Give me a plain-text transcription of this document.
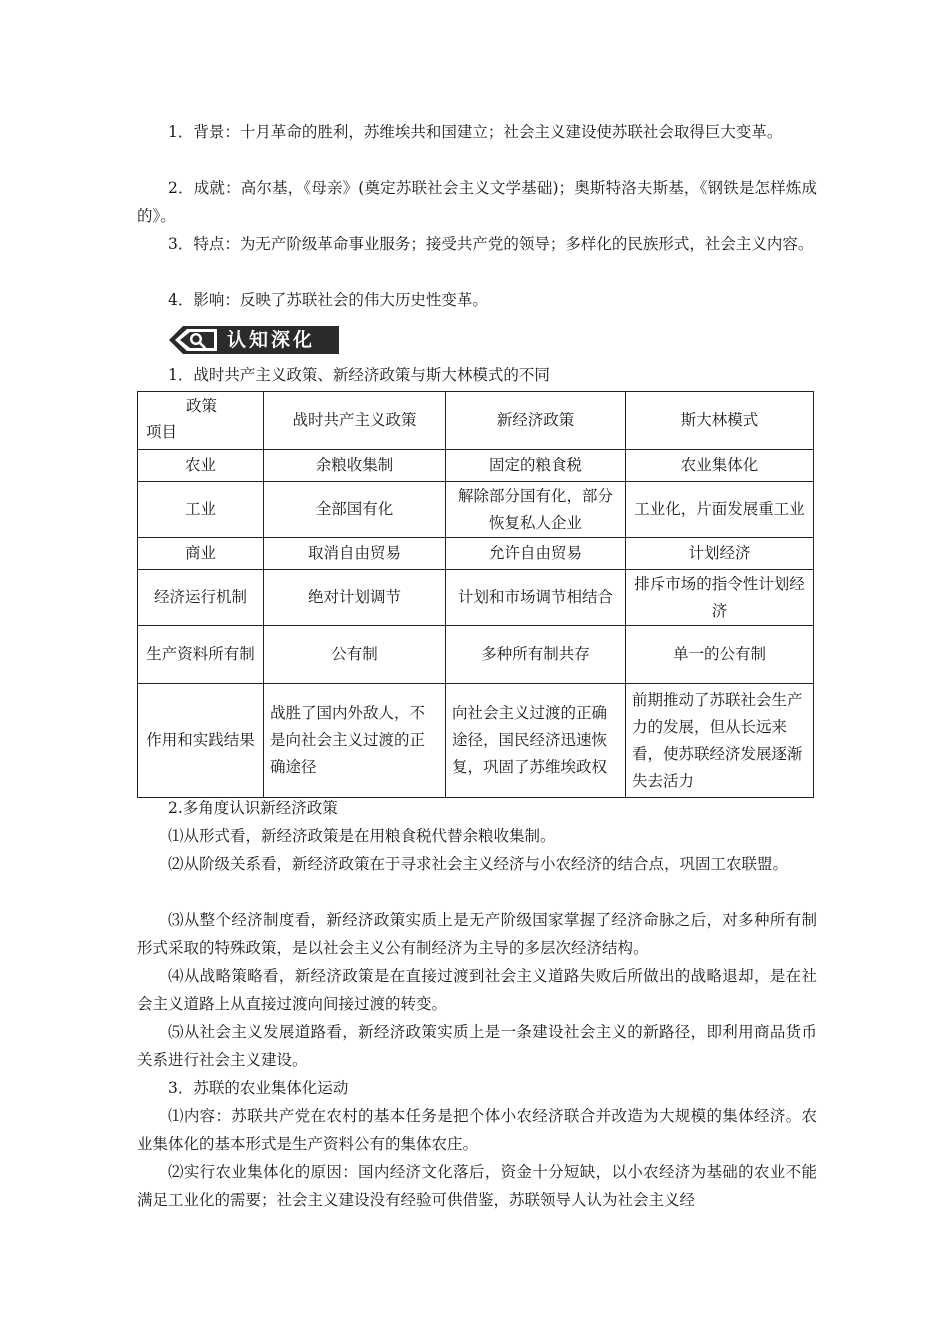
1．背景：十月革命的胜利，苏维埃共和国建立；社会主义建设使苏联社会取得巨大变革。

2．成就：高尔基，《母亲》(奠定苏联社会主义文学基础)；奥斯特洛夫斯基，《钢铁是怎样炼成的》。

3．特点：为无产阶级革命事业服务；接受共产党的领导；多样化的民族形式，社会主义内容。

4．影响：反映了苏联社会的伟大历史性变革。

认知深化

1．战时共产主义政策、新经济政策与斯大林模式的不同

政策
项目	战时共产主义政策	新经济政策	斯大林模式
农业	余粮收集制	固定的粮食税	农业集体化
工业	全部国有化	解除部分国有化，部分恢复私人企业	工业化，片面发展重工业
商业	取消自由贸易	允许自由贸易	计划经济
经济运行机制	绝对计划调节	计划和市场调节相结合	排斥市场的指令性计划经济
生产资料所有制	公有制	多种所有制共存	单一的公有制
作用和实践结果	战胜了国内外敌人，不是向社会主义过渡的正确途径	向社会主义过渡的正确途径，国民经济迅速恢复，巩固了苏维埃政权	前期推动了苏联社会生产力的发展，但从长远来看，使苏联经济发展逐渐失去活力

2.多角度认识新经济政策

⑴从形式看，新经济政策是在用粮食税代替余粮收集制。

⑵从阶级关系看，新经济政策在于寻求社会主义经济与小农经济的结合点，巩固工农联盟。

⑶从整个经济制度看，新经济政策实质上是无产阶级国家掌握了经济命脉之后，对多种所有制形式采取的特殊政策，是以社会主义公有制经济为主导的多层次经济结构。

⑷从战略策略看，新经济政策是在直接过渡到社会主义道路失败后所做出的战略退却，是在社会主义道路上从直接过渡向间接过渡的转变。

⑸从社会主义发展道路看，新经济政策实质上是一条建设社会主义的新路径，即利用商品货币关系进行社会主义建设。

3．苏联的农业集体化运动

⑴内容：苏联共产党在农村的基本任务是把个体小农经济联合并改造为大规模的集体经济。农业集体化的基本形式是生产资料公有的集体农庄。

⑵实行农业集体化的原因：国内经济文化落后，资金十分短缺，以小农经济为基础的农业不能满足工业化的需要；社会主义建设没有经验可供借鉴，苏联领导人认为社会主义经
